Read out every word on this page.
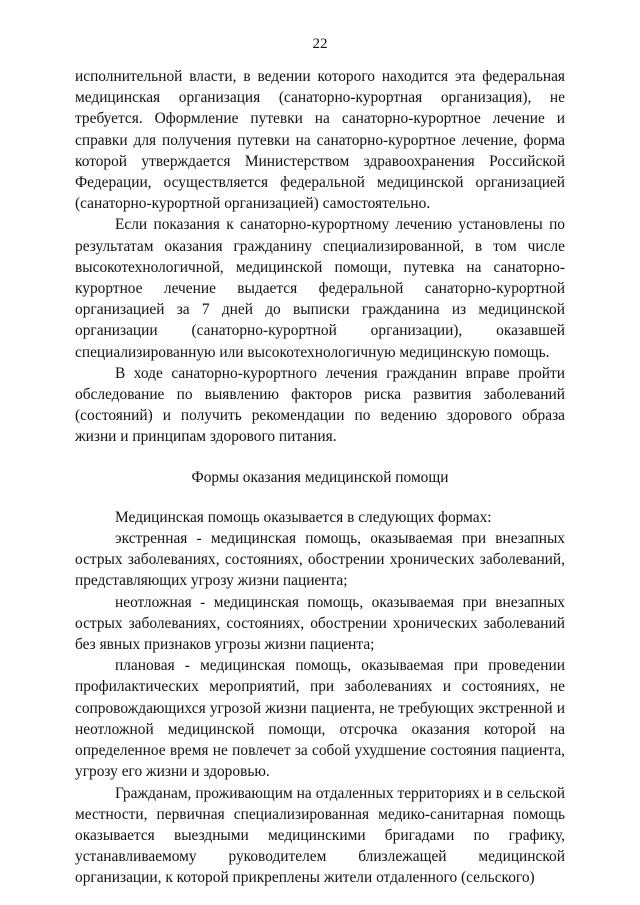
22

исполнительной власти, в ведении которого находится эта федеральная медицинская организация (санаторно-курортная организация), не требуется. Оформление путевки на санаторно-курортное лечение и справки для получения путевки на санаторно-курортное лечение, форма которой утверждается Министерством здравоохранения Российской Федерации, осуществляется федеральной медицинской организацией (санаторно-курортной организацией) самостоятельно.

Если показания к санаторно-курортному лечению установлены по результатам оказания гражданину специализированной, в том числе высокотехнологичной, медицинской помощи, путевка на санаторно-курортное лечение выдается федеральной санаторно-курортной организацией за 7 дней до выписки гражданина из медицинской организации (санаторно-курортной организации), оказавшей специализированную или высокотехнологичную медицинскую помощь.

В ходе санаторно-курортного лечения гражданин вправе пройти обследование по выявлению факторов риска развития заболеваний (состояний) и получить рекомендации по ведению здорового образа жизни и принципам здорового питания.

Формы оказания медицинской помощи

Медицинская помощь оказывается в следующих формах:

экстренная - медицинская помощь, оказываемая при внезапных острых заболеваниях, состояниях, обострении хронических заболеваний, представляющих угрозу жизни пациента;

неотложная - медицинская помощь, оказываемая при внезапных острых заболеваниях, состояниях, обострении хронических заболеваний без явных признаков угрозы жизни пациента;

плановая - медицинская помощь, оказываемая при проведении профилактических мероприятий, при заболеваниях и состояниях, не сопровождающихся угрозой жизни пациента, не требующих экстренной и неотложной медицинской помощи, отсрочка оказания которой на определенное время не повлечет за собой ухудшение состояния пациента, угрозу его жизни и здоровью.

Гражданам, проживающим на отдаленных территориях и в сельской местности, первичная специализированная медико-санитарная помощь оказывается выездными медицинскими бригадами по графику, устанавливаемому руководителем близлежащей медицинской организации, к которой прикреплены жители отдаленного (сельского)
